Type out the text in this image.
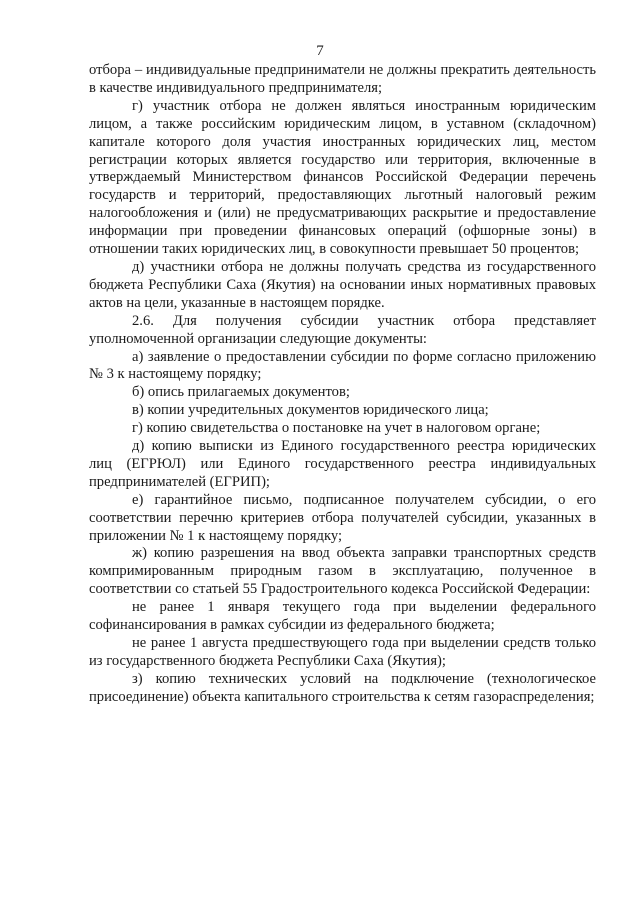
7

отбора – индивидуальные предприниматели не должны прекратить деятельность в качестве индивидуального предпринимателя;

г) участник отбора не должен являться иностранным юридическим лицом, а также российским юридическим лицом, в уставном (складочном) капитале которого доля участия иностранных юридических лиц, местом регистрации которых является государство или территория, включенные в утверждаемый Министерством финансов Российской Федерации перечень государств и территорий, предоставляющих льготный налоговый режим налогообложения и (или) не предусматривающих раскрытие и предоставление информации при проведении финансовых операций (офшорные зоны) в отношении таких юридических лиц, в совокупности превышает 50 процентов;

д) участники отбора не должны получать средства из государственного бюджета Республики Саха (Якутия) на основании иных нормативных правовых актов на цели, указанные в настоящем порядке.

2.6. Для получения субсидии участник отбора представляет уполномоченной организации следующие документы:

а) заявление о предоставлении субсидии по форме согласно приложению № 3 к настоящему порядку;

б) опись прилагаемых документов;

в) копии учредительных документов юридического лица;

г) копию свидетельства о постановке на учет в налоговом органе;

д) копию выписки из Единого государственного реестра юридических лиц (ЕГРЮЛ) или Единого государственного реестра индивидуальных предпринимателей (ЕГРИП);

е) гарантийное письмо, подписанное получателем субсидии, о его соответствии перечню критериев отбора получателей субсидии, указанных в приложении № 1 к настоящему порядку;

ж) копию разрешения на ввод объекта заправки транспортных средств компримированным природным газом в эксплуатацию, полученное в соответствии со статьей 55 Градостроительного кодекса Российской Федерации:

не ранее 1 января текущего года при выделении федерального софинансирования в рамках субсидии из федерального бюджета;

не ранее 1 августа предшествующего года при выделении средств только из государственного бюджета Республики Саха (Якутия);

з) копию технических условий на подключение (технологическое присоединение) объекта капитального строительства к сетям газораспределения;
